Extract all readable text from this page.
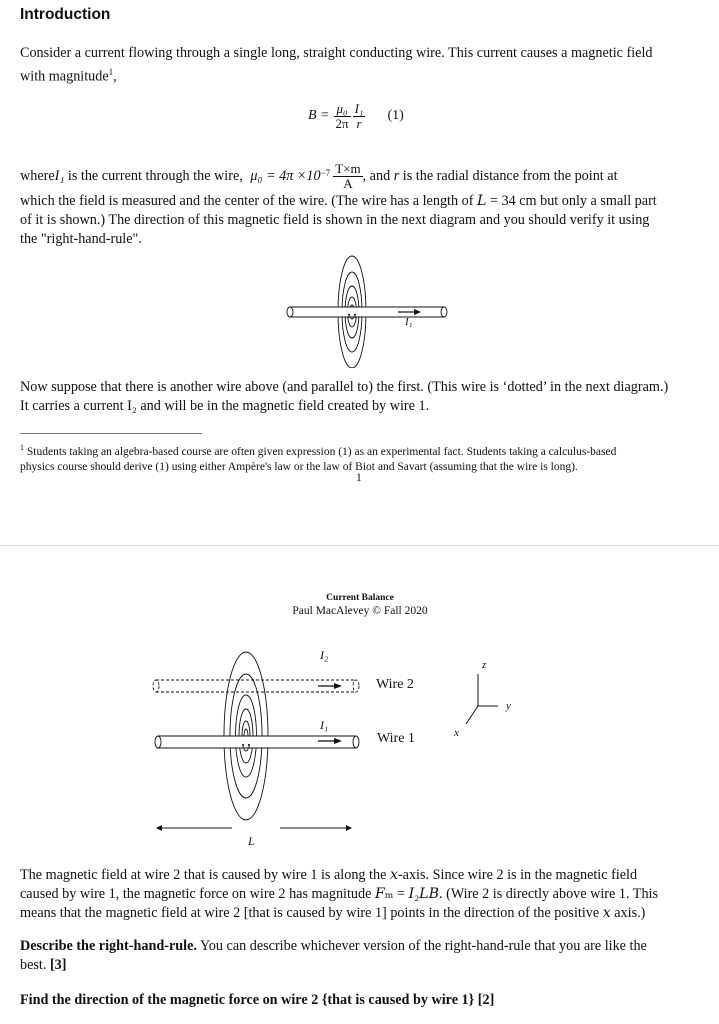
Introduction
Consider a current flowing through a single long, straight conducting wire. This current causes a magnetic field
with magnitude$^1$,
$B = \frac{\text{μ₀}}{2\pi} \frac{\text{I₁}}{r} (1)$
where I₁ is the current through the wire, $\mu_0 = 4\pi \times 10 -7 \frac{T\times m}{A}$ , and r is the radial distance from the point at
which the field is measured and the center of the wire. (The wire has a length of 𝐿 = 34 cm but only a small part
of it is shown.) The direction of this magnetic field is shown in the next diagram and you should verify it using
the "right-hand-rule".
I₁
Now suppose that there is another wire above (and parallel to) the first. (This wire is ‘dotted’ in the next diagram.)
It carries a current I₂ and will be in the magnetic field created by wire 1.
$^1$ Students taking an algebra-based course are often given expression (1) as an experimental fact. Students taking a calculus-based
physics course should derive (1) using either Ampère's law or the law of Biot and Savart (assuming that the wire is long).
1
Current Balance
Paul MacAlevey © Fall 2020
I₂
I₁
Wire 2
Wire 1
L
z
y
x
The magnetic field at wire 2 that is caused by wire 1 is along the 𝑥-axis. Since wire 2 is in the magnetic field
caused by wire 1, the magnetic force on wire 2 has magnitude 𝐹ₘ = 𝐼₂𝐿𝐵. (Wire 2 is directly above wire 1. This
means that the magnetic field at wire 2 [that is caused by wire 1] points in the direction of the positive 𝑥 axis.)
Describe the right-hand-rule. You can describe whichever version of the right-hand-rule that you are like the
best. [3]
Find the direction of the magnetic force on wire 2 {that is caused by wire 1} [2]
